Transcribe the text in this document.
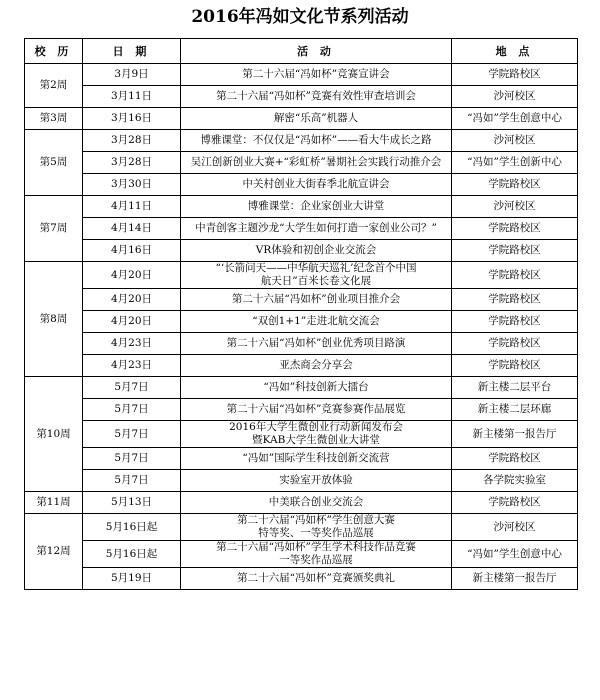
2016年冯如文化节系列活动
校 历	日 期	活 动	地 点
第2周	3月9日	第二十六届“冯如杯”竞赛宣讲会	学院路校区
	3月11日	第二十六届“冯如杯”竞赛有效性审查培训会	沙河校区
第3周	3月16日	解密“乐高”机器人	“冯如”学生创意中心
第5周	3月28日	博雅课堂：不仅仅是“冯如杯”——看大牛成长之路	沙河校区
	3月28日	吴江创新创业大赛+“彩虹桥”暑期社会实践行动推介会	“冯如”学生创新中心
	3月30日	中关村创业大街春季北航宣讲会	学院路校区
第7周	4月11日	博雅课堂：企业家创业大讲堂	沙河校区
	4月14日	中青创客主题沙龙“大学生如何打造一家创业公司？”	学院路校区
	4月16日	VR体验和初创企业交流会	学院路校区
第8周	4月20日	“‘长箭问天——中华航天巡礼’纪念首个中国
航天日”百米长卷文化展	学院路校区
	4月20日	第二十六届“冯如杯”创业项目推介会	学院路校区
	4月20日	“双创1+1”走进北航交流会	学院路校区
	4月23日	第二十六届“冯如杯”创业优秀项目路演	学院路校区
	4月23日	亚杰商会分享会	学院路校区
第10周	5月7日	“冯如”科技创新大擂台	新主楼二层平台
	5月7日	第二十六届“冯如杯”竞赛参赛作品展览	新主楼二层环廊
	5月7日	2016年大学生微创业行动新闻发布会
暨KAB大学生微创业大讲堂	新主楼第一报告厅
	5月7日	“冯如”国际学生科技创新交流营	学院路校区
	5月7日	实验室开放体验	各学院实验室
第11周	5月13日	中美联合创业交流会	学院路校区
第12周	5月16日起	第二十六届“冯如杯”学生创意大赛
特等奖、一等奖作品巡展	沙河校区
	5月16日起	第二十六届“冯如杯”学生学术科技作品竞赛
一等奖作品巡展	“冯如”学生创意中心
	5月19日	第二十六届“冯如杯”竞赛颁奖典礼	新主楼第一报告厅
